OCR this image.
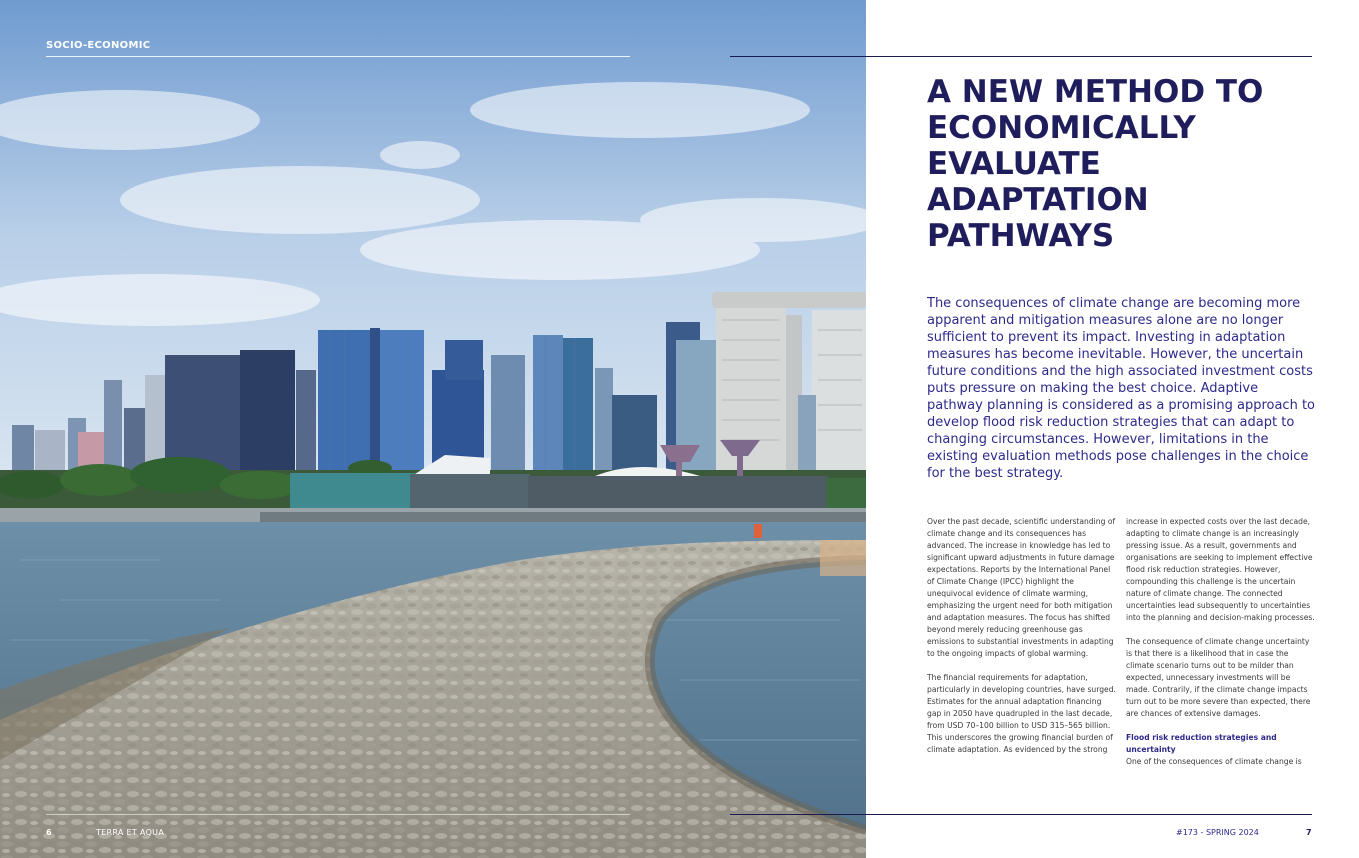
SOCIO-ECONOMIC
6	TERRA ET AQUA
A NEW METHOD TO ECONOMICALLY EVALUATE ADAPTATION PATHWAYS

The consequences of climate change are becoming more apparent and mitigation measures alone are no longer sufficient to prevent its impact. Investing in adaptation measures has become inevitable. However, the uncertain future conditions and the high associated investment costs puts pressure on making the best choice. Adaptive pathway planning is considered as a promising approach to develop flood risk reduction strategies that can adapt to changing circumstances. However, limitations in the existing evaluation methods pose challenges in the choice for the best strategy.

Over the past decade, scientific understanding of climate change and its consequences has advanced. The increase in knowledge has led to significant upward adjustments in future damage expectations. Reports by the International Panel of Climate Change (IPCC) highlight the unequivocal evidence of climate warming, emphasizing the urgent need for both mitigation and adaptation measures. The focus has shifted beyond merely reducing greenhouse gas emissions to substantial investments in adapting to the ongoing impacts of global warming.

The financial requirements for adaptation, particularly in developing countries, have surged. Estimates for the annual adaptation financing gap in 2050 have quadrupled in the last decade, from USD 70–100 billion to USD 315–565 billion. This underscores the growing financial burden of climate adaptation. As evidenced by the strong

increase in expected costs over the last decade, adapting to climate change is an increasingly pressing issue. As a result, governments and organisations are seeking to implement effective flood risk reduction strategies. However, compounding this challenge is the uncertain nature of climate change. The connected uncertainties lead subsequently to uncertainties into the planning and decision-making processes.

The consequence of climate change uncertainty is that there is a likelihood that in case the climate scenario turns out to be milder than expected, unnecessary investments will be made. Contrarily, if the climate change impacts turn out to be more severe than expected, there are chances of extensive damages.

Flood risk reduction strategies and uncertainty

One of the consequences of climate change is

#173 - SPRING 2024	7
